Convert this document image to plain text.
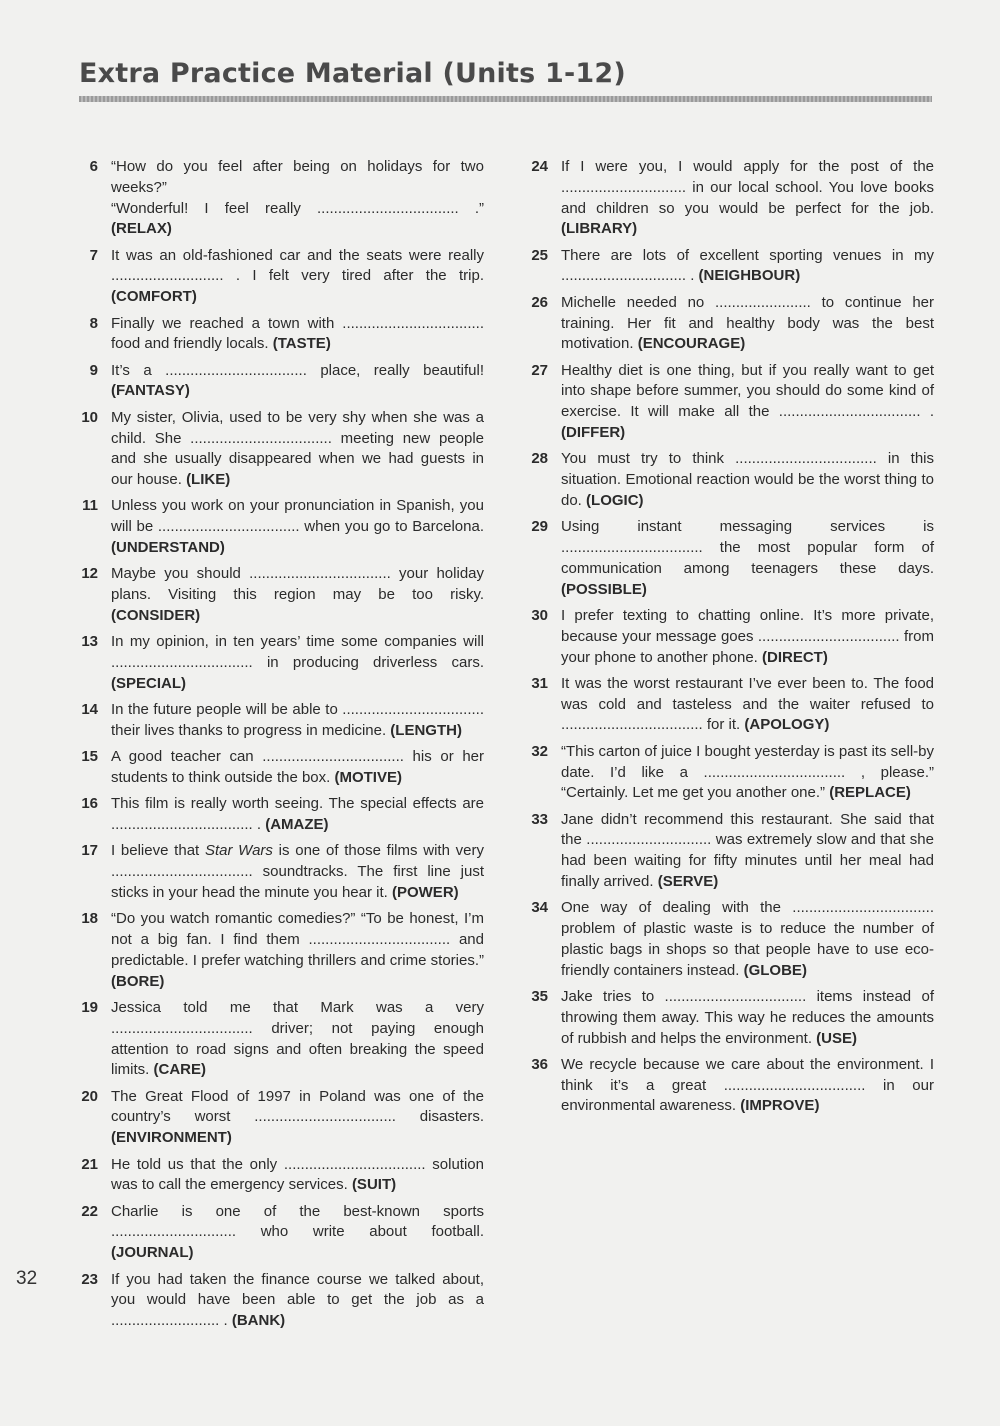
Extra Practice Material (Units 1-12)
6 “How do you feel after being on holidays for two weeks?”
“Wonderful! I feel really .................................. .” (RELAX)

7 It was an old-fashioned car and the seats were really ........................... . I felt very tired after the trip. (COMFORT)

8 Finally we reached a town with .................................. food and friendly locals. (TASTE)

9 It’s a .................................. place, really beautiful! (FANTASY)

10 My sister, Olivia, used to be very shy when she was a child. She .................................. meeting new people and she usually disappeared when we had guests in our house. (LIKE)

11 Unless you work on your pronunciation in Spanish, you will be .................................. when you go to Barcelona. (UNDERSTAND)

12 Maybe you should .................................. your holiday plans. Visiting this region may be too risky. (CONSIDER)

13 In my opinion, in ten years’ time some companies will .................................. in producing driverless cars. (SPECIAL)

14 In the future people will be able to .................................. their lives thanks to progress in medicine. (LENGTH)

15 A good teacher can .................................. his or her students to think outside the box. (MOTIVE)

16 This film is really worth seeing. The special effects are .................................. . (AMAZE)

17 I believe that Star Wars is one of those films with very .................................. soundtracks. The first line just sticks in your head the minute you hear it. (POWER)

18 “Do you watch romantic comedies?” “To be honest, I’m not a big fan. I find them .................................. and predictable. I prefer watching thrillers and crime stories.” (BORE)

19 Jessica told me that Mark was a very .................................. driver; not paying enough attention to road signs and often breaking the speed limits. (CARE)

20 The Great Flood of 1997 in Poland was one of the country’s worst .................................. disasters. (ENVIRONMENT)

21 He told us that the only .................................. solution was to call the emergency services. (SUIT)

22 Charlie is one of the best-known sports .............................. who write about football. (JOURNAL)

23 If you had taken the finance course we talked about, you would have been able to get the job as a .......................... . (BANK)

24 If I were you, I would apply for the post of the .............................. in our local school. You love books and children so you would be perfect for the job. (LIBRARY)

25 There are lots of excellent sporting venues in my .............................. . (NEIGHBOUR)

26 Michelle needed no ....................... to continue her training. Her fit and healthy body was the best motivation. (ENCOURAGE)

27 Healthy diet is one thing, but if you really want to get into shape before summer, you should do some kind of exercise. It will make all the .................................. . (DIFFER)

28 You must try to think .................................. in this situation. Emotional reaction would be the worst thing to do. (LOGIC)

29 Using instant messaging services is .................................. the most popular form of communication among teenagers these days. (POSSIBLE)

30 I prefer texting to chatting online. It’s more private, because your message goes .................................. from your phone to another phone. (DIRECT)

31 It was the worst restaurant I’ve ever been to. The food was cold and tasteless and the waiter refused to .................................. for it. (APOLOGY)

32 “This carton of juice I bought yesterday is past its sell-by date. I’d like a .................................. , please.” “Certainly. Let me get you another one.” (REPLACE)

33 Jane didn’t recommend this restaurant. She said that the .............................. was extremely slow and that she had been waiting for fifty minutes until her meal had finally arrived. (SERVE)

34 One way of dealing with the .................................. problem of plastic waste is to reduce the number of plastic bags in shops so that people have to use eco-friendly containers instead. (GLOBE)

35 Jake tries to .................................. items instead of throwing them away. This way he reduces the amounts of rubbish and helps the environment. (USE)

36 We recycle because we care about the environment. I think it’s a great .................................. in our environmental awareness. (IMPROVE)

32
